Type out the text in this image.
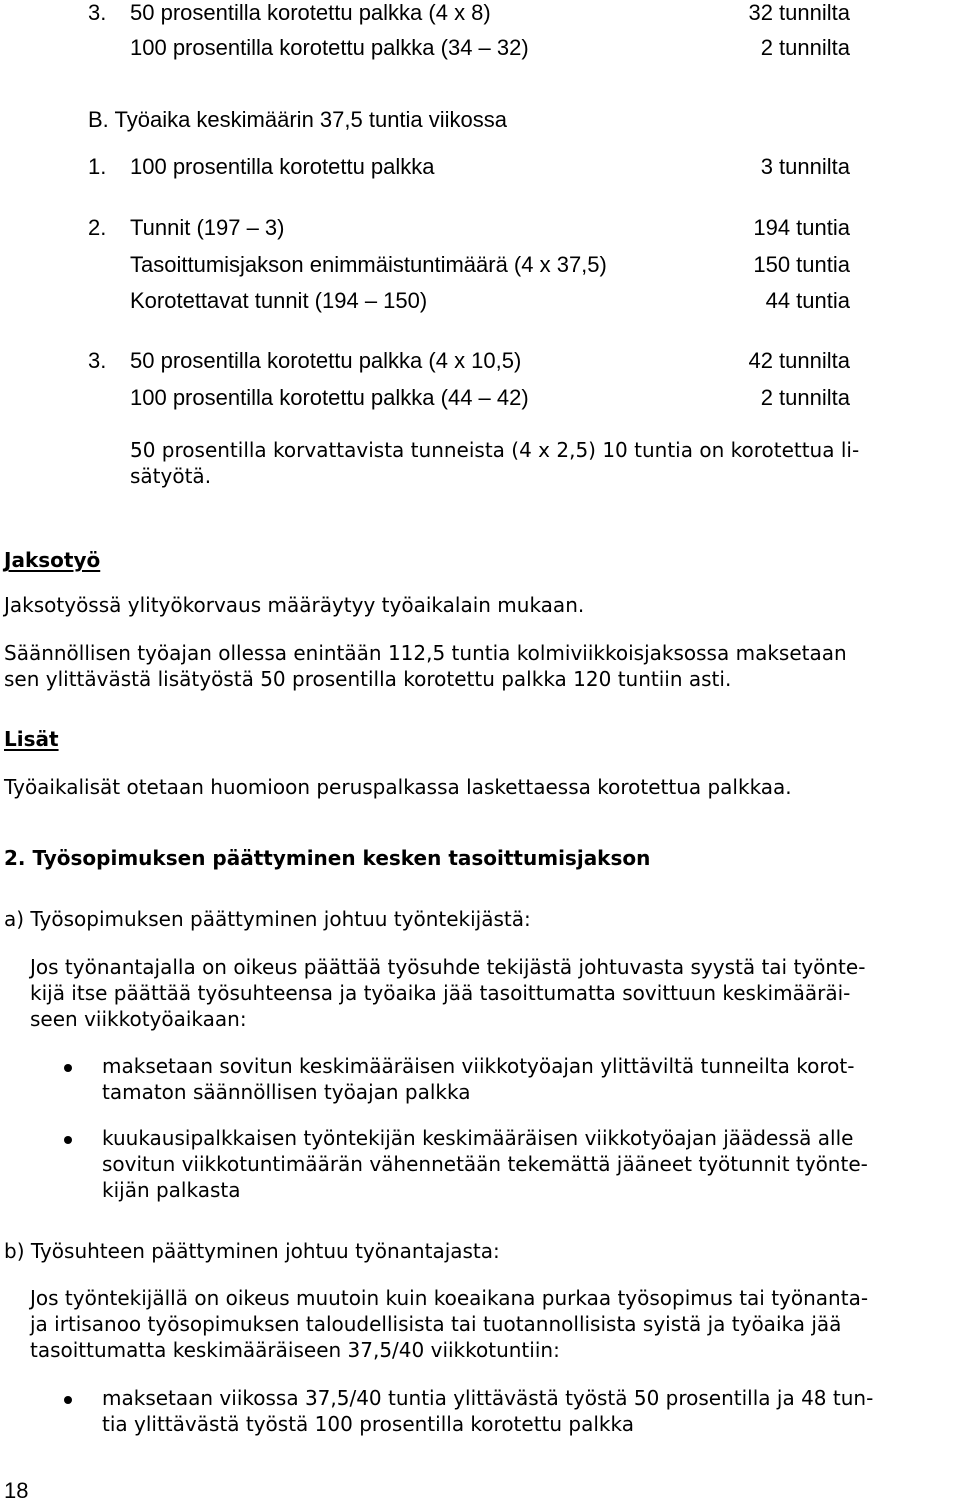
3. 50 prosentilla korotettu palkka (4 x 8)	32 tunnilta
100 prosentilla korotettu palkka (34 – 32)	2 tunnilta
B. Työaika keskimäärin 37,5 tuntia viikossa
1. 100 prosentilla korotettu palkka	3 tunnilta
2. Tunnit (197 – 3)	194 tuntia
Tasoittumisjakson enimmäistuntimäärä (4 x 37,5)	150 tuntia
Korotettavat tunnit (194 – 150)	44 tuntia
3. 50 prosentilla korotettu palkka (4 x 10,5)	42 tunnilta
100 prosentilla korotettu palkka (44 – 42)	2 tunnilta
50 prosentilla korvattavista tunneista (4 x 2,5) 10 tuntia on korotettua li-
sätyötä.
Jaksotyö
Jaksotyössä ylityökorvaus määräytyy työaikalain mukaan.
Säännöllisen työajan ollessa enintään 112,5 tuntia kolmiviikkoisjaksossa maksetaan
sen ylittävästä lisätyöstä 50 prosentilla korotettu palkka 120 tuntiin asti.
Lisät
Työaikalisät otetaan huomioon peruspalkassa laskettaessa korotettua palkkaa.
2. Työsopimuksen päättyminen kesken tasoittumisjakson
a) Työsopimuksen päättyminen johtuu työntekijästä:
Jos työnantajalla on oikeus päättää työsuhde tekijästä johtuvasta syystä tai työnte-
kijä itse päättää työsuhteensa ja työaika jää tasoittumatta sovittuun keskimääräi-
seen viikkotyöaikaan:
maksetaan sovitun keskimääräisen viikkotyöajan ylittäviltä tunneilta korot-
tamaton säännöllisen työajan palkka
kuukausipalkkaisen työntekijän keskimääräisen viikkotyöajan jäädessä alle
sovitun viikkotuntimäärän vähennetään tekemättä jääneet työtunnit työnte-
kijän palkasta
b) Työsuhteen päättyminen johtuu työnantajasta:
Jos työntekijällä on oikeus muutoin kuin koeaikana purkaa työsopimus tai työnanta-
ja irtisanoo työsopimuksen taloudellisista tai tuotannollisista syistä ja työaika jää
tasoittumatta keskimääräiseen 37,5/40 viikkotuntiin:
maksetaan viikossa 37,5/40 tuntia ylittävästä työstä 50 prosentilla ja 48 tun-
tia ylittävästä työstä 100 prosentilla korotettu palkka
18
